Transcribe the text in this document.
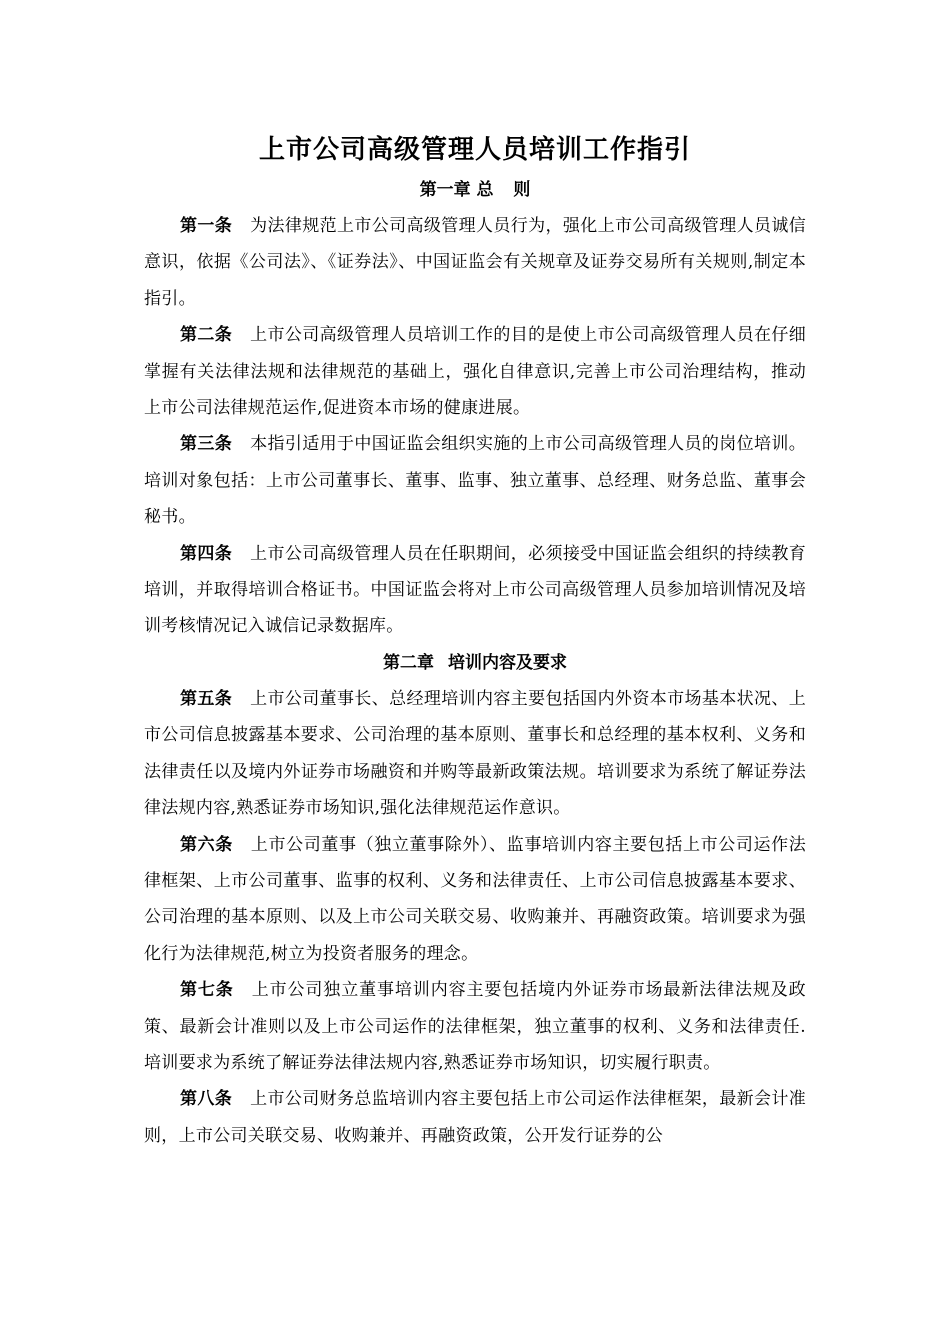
上市公司高级管理人员培训工作指引
第一章 总 则

第一条 为法律规范上市公司高级管理人员行为，强化上市公司高级管理人员诚信意识，依据《公司法》、《证券法》、中国证监会有关规章及证券交易所有关规则,制定本指引。

第二条 上市公司高级管理人员培训工作的目的是使上市公司高级管理人员在仔细掌握有关法律法规和法律规范的基础上，强化自律意识,完善上市公司治理结构，推动上市公司法律规范运作,促进资本市场的健康进展。

第三条 本指引适用于中国证监会组织实施的上市公司高级管理人员的岗位培训。培训对象包括：上市公司董事长、董事、监事、独立董事、总经理、财务总监、董事会秘书。

第四条 上市公司高级管理人员在任职期间，必须接受中国证监会组织的持续教育培训，并取得培训合格证书。中国证监会将对上市公司高级管理人员参加培训情况及培训考核情况记入诚信记录数据库。

第二章 培训内容及要求

第五条 上市公司董事长、总经理培训内容主要包括国内外资本市场基本状况、上市公司信息披露基本要求、公司治理的基本原则、董事长和总经理的基本权利、义务和法律责任以及境内外证券市场融资和并购等最新政策法规。培训要求为系统了解证券法律法规内容,熟悉证券市场知识,强化法律规范运作意识。

第六条 上市公司董事（独立董事除外）、监事培训内容主要包括上市公司运作法律框架、上市公司董事、监事的权利、义务和法律责任、上市公司信息披露基本要求、公司治理的基本原则、以及上市公司关联交易、收购兼并、再融资政策。培训要求为强化行为法律规范,树立为投资者服务的理念。

第七条 上市公司独立董事培训内容主要包括境内外证券市场最新法律法规及政策、最新会计准则以及上市公司运作的法律框架，独立董事的权利、义务和法律责任.培训要求为系统了解证券法律法规内容,熟悉证券市场知识，切实履行职责。

第八条 上市公司财务总监培训内容主要包括上市公司运作法律框架，最新会计准则，上市公司关联交易、收购兼并、再融资政策，公开发行证券的公
